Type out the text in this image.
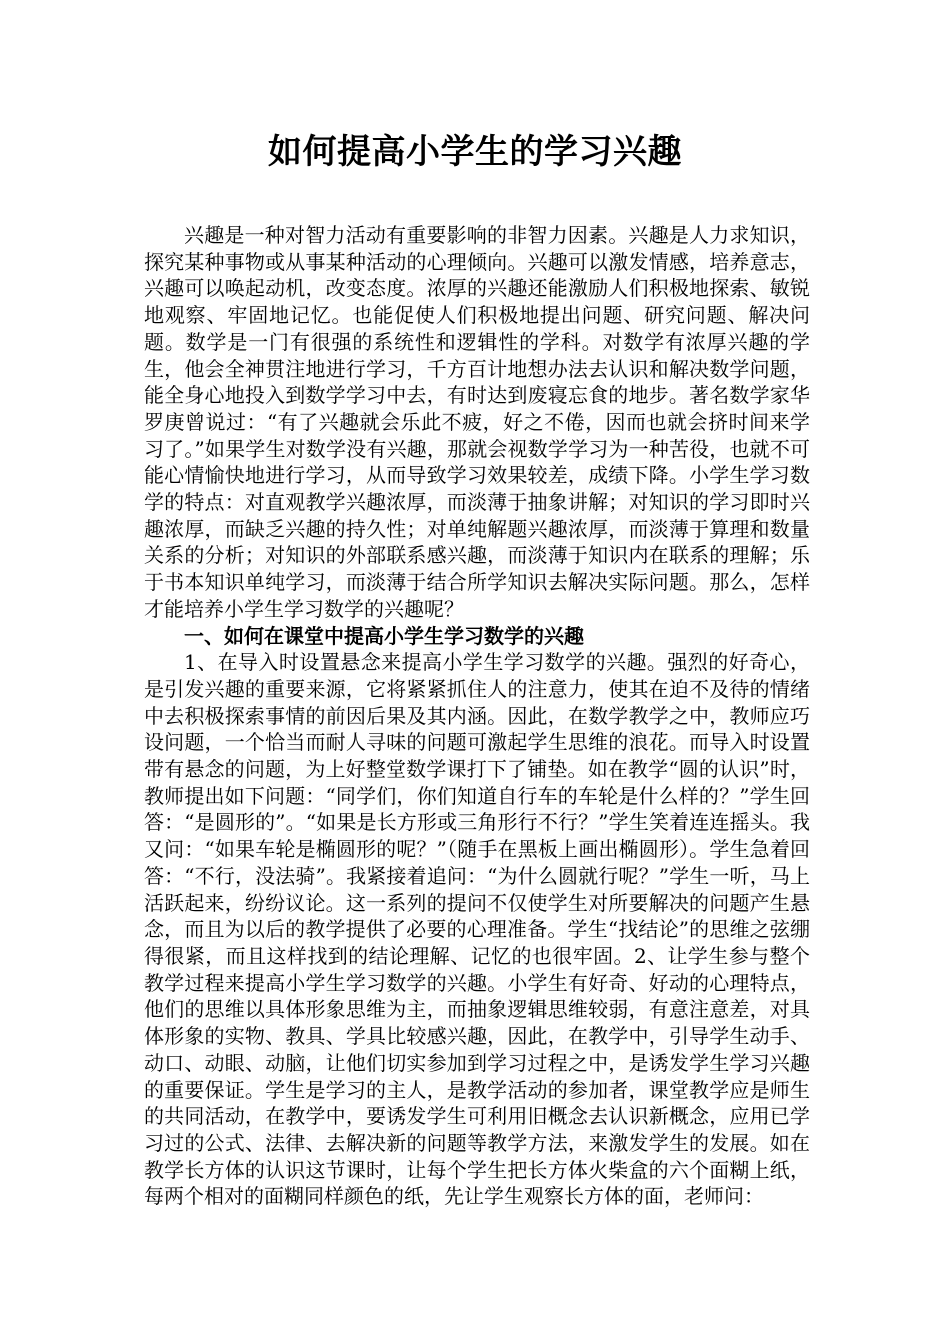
如何提高小学生的学习兴趣

兴趣是一种对智力活动有重要影响的非智力因素。兴趣是人力求知识，探究某种事物或从事某种活动的心理倾向。兴趣可以激发情感，培养意志，兴趣可以唤起动机，改变态度。浓厚的兴趣还能激励人们积极地探索、敏锐地观察、牢固地记忆。也能促使人们积极地提出问题、研究问题、解决问题。数学是一门有很强的系统性和逻辑性的学科。对数学有浓厚兴趣的学生，他会全神贯注地进行学习，千方百计地想办法去认识和解决数学问题，能全身心地投入到数学学习中去，有时达到废寝忘食的地步。著名数学家华罗庚曾说过：“有了兴趣就会乐此不疲，好之不倦，因而也就会挤时间来学习了。”如果学生对数学没有兴趣，那就会视数学学习为一种苦役，也就不可能心情愉快地进行学习，从而导致学习效果较差，成绩下降。小学生学习数学的特点：对直观教学兴趣浓厚，而淡薄于抽象讲解；对知识的学习即时兴趣浓厚，而缺乏兴趣的持久性；对单纯解题兴趣浓厚，而淡薄于算理和数量关系的分析；对知识的外部联系感兴趣，而淡薄于知识内在联系的理解；乐于书本知识单纯学习，而淡薄于结合所学知识去解决实际问题。那么，怎样才能培养小学生学习数学的兴趣呢？

一、如何在课堂中提高小学生学习数学的兴趣

1、在导入时设置悬念来提高小学生学习数学的兴趣。强烈的好奇心，是引发兴趣的重要来源，它将紧紧抓住人的注意力，使其在迫不及待的情绪中去积极探索事情的前因后果及其内涵。因此，在数学教学之中，教师应巧设问题，一个恰当而耐人寻味的问题可激起学生思维的浪花。而导入时设置带有悬念的问题，为上好整堂数学课打下了铺垫。如在教学“圆的认识”时，教师提出如下问题：“同学们，你们知道自行车的车轮是什么样的？”学生回答：“是圆形的”。“如果是长方形或三角形行不行？”学生笑着连连摇头。我又问：“如果车轮是椭圆形的呢？”（随手在黑板上画出椭圆形）。学生急着回答：“不行，没法骑”。我紧接着追问：“为什么圆就行呢？”学生一听，马上活跃起来，纷纷议论。这一系列的提问不仅使学生对所要解决的问题产生悬念，而且为以后的教学提供了必要的心理准备。学生“找结论”的思维之弦绷得很紧，而且这样找到的结论理解、记忆的也很牢固。2、让学生参与整个教学过程来提高小学生学习数学的兴趣。小学生有好奇、好动的心理特点，他们的思维以具体形象思维为主，而抽象逻辑思维较弱，有意注意差，对具体形象的实物、教具、学具比较感兴趣，因此，在教学中，引导学生动手、动口、动眼、动脑，让他们切实参加到学习过程之中，是诱发学生学习兴趣的重要保证。学生是学习的主人，是教学活动的参加者，课堂教学应是师生的共同活动，在教学中，要诱发学生可利用旧概念去认识新概念，应用已学习过的公式、法律、去解决新的问题等教学方法，来激发学生的发展。如在教学长方体的认识这节课时，让每个学生把长方体火柴盒的六个面糊上纸，每两个相对的面糊同样颜色的纸，先让学生观察长方体的面，老师问：
